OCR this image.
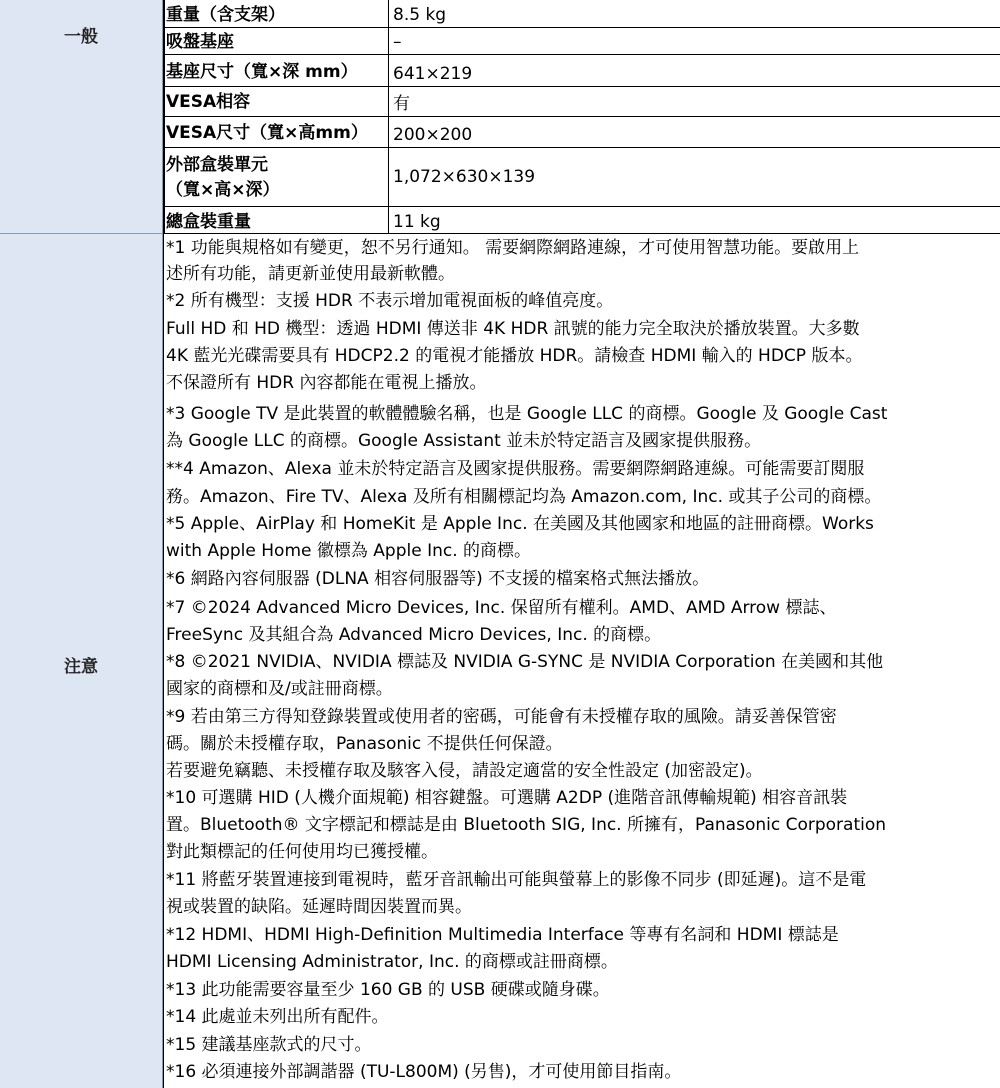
一般
注意
重量（含支架）	8.5 kg
吸盤基座	–
基座尺寸（寬×深 mm）	641×219
VESA相容	有
VESA尺寸（寬×高mm）	200×200
外部盒裝單元
（寬×高×深）
1,072×630×139
總盒裝重量	11 kg
*1 功能與規格如有變更，恕不另行通知。 需要網際網路連線，才可使用智慧功能。要啟用上
述所有功能，請更新並使用最新軟體。
*2 所有機型：支援 HDR 不表示增加電視面板的峰值亮度。
Full HD 和 HD 機型：透過 HDMI 傳送非 4K HDR 訊號的能力完全取決於播放裝置。大多數
4K 藍光光碟需要具有 HDCP2.2 的電視才能播放 HDR。請檢查 HDMI 輸入的 HDCP 版本。
不保證所有 HDR 內容都能在電視上播放。
*3 Google TV 是此裝置的軟體體驗名稱，也是 Google LLC 的商標。Google 及 Google Cast
為 Google LLC 的商標。Google Assistant 並未於特定語言及國家提供服務。
**4 Amazon、Alexa 並未於特定語言及國家提供服務。需要網際網路連線。可能需要訂閱服
務。Amazon、Fire TV、Alexa 及所有相關標記均為 Amazon.com, Inc. 或其子公司的商標。
*5 Apple、AirPlay 和 HomeKit 是 Apple Inc. 在美國及其他國家和地區的註冊商標。Works
with Apple Home 徽標為 Apple Inc. 的商標。
*6 網路內容伺服器 (DLNA 相容伺服器等) 不支援的檔案格式無法播放。
*7 ©2024 Advanced Micro Devices, Inc. 保留所有權利。AMD、AMD Arrow 標誌、
FreeSync 及其組合為 Advanced Micro Devices, Inc. 的商標。
*8 ©2021 NVIDIA、NVIDIA 標誌及 NVIDIA G-SYNC 是 NVIDIA Corporation 在美國和其他
國家的商標和及/或註冊商標。
*9 若由第三方得知登錄裝置或使用者的密碼，可能會有未授權存取的風險。請妥善保管密
碼。關於未授權存取，Panasonic 不提供任何保證。
若要避免竊聽、未授權存取及駭客入侵，請設定適當的安全性設定 (加密設定)。
*10 可選購 HID (人機介面規範) 相容鍵盤。可選購 A2DP (進階音訊傳輸規範) 相容音訊裝
置。Bluetooth® 文字標記和標誌是由 Bluetooth SIG, Inc. 所擁有，Panasonic Corporation
對此類標記的任何使用均已獲授權。
*11 將藍牙裝置連接到電視時，藍牙音訊輸出可能與螢幕上的影像不同步 (即延遲)。這不是電
視或裝置的缺陷。延遲時間因裝置而異。
*12 HDMI、HDMI High-Definition Multimedia Interface 等專有名詞和 HDMI 標誌是
HDMI Licensing Administrator, Inc. 的商標或註冊商標。
*13 此功能需要容量至少 160 GB 的 USB 硬碟或隨身碟。
*14 此處並未列出所有配件。
*15 建議基座款式的尺寸。
*16 必須連接外部調諧器 (TU-L800M) (另售)，才可使用節目指南。
